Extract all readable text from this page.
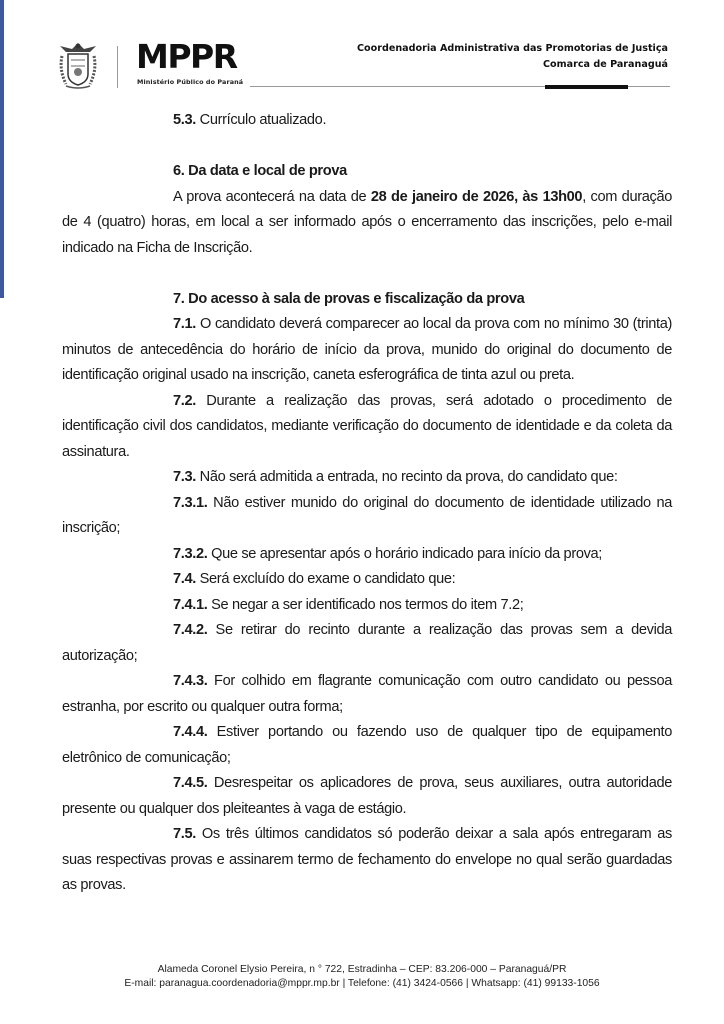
MPPR
Ministério Público do Paraná
Coordenadoria Administrativa das Promotorias de Justiça
Comarca de Paranaguá

5.3. Currículo atualizado.

6. Da data e local de prova

A prova acontecerá na data de 28 de janeiro de 2026, às 13h00, com duração de 4 (quatro) horas, em local a ser informado após o encerramento das inscrições, pelo e-mail indicado na Ficha de Inscrição.

7. Do acesso à sala de provas e fiscalização da prova

7.1. O candidato deverá comparecer ao local da prova com no mínimo 30 (trinta) minutos de antecedência do horário de início da prova, munido do original do documento de identificação original usado na inscrição, caneta esferográfica de tinta azul ou preta.

7.2. Durante a realização das provas, será adotado o procedimento de identificação civil dos candidatos, mediante verificação do documento de identidade e da coleta da assinatura.

7.3. Não será admitida a entrada, no recinto da prova, do candidato que:

7.3.1. Não estiver munido do original do documento de identidade utilizado na inscrição;

7.3.2. Que se apresentar após o horário indicado para início da prova;

7.4. Será excluído do exame o candidato que:

7.4.1. Se negar a ser identificado nos termos do item 7.2;

7.4.2. Se retirar do recinto durante a realização das provas sem a devida autorização;

7.4.3. For colhido em flagrante comunicação com outro candidato ou pessoa estranha, por escrito ou qualquer outra forma;

7.4.4. Estiver portando ou fazendo uso de qualquer tipo de equipamento eletrônico de comunicação;

7.4.5. Desrespeitar os aplicadores de prova, seus auxiliares, outra autoridade presente ou qualquer dos pleiteantes à vaga de estágio.

7.5. Os três últimos candidatos só poderão deixar a sala após entregaram as suas respectivas provas e assinarem termo de fechamento do envelope no qual serão guardadas as provas.

Alameda Coronel Elysio Pereira, n ° 722, Estradinha – CEP: 83.206-000 – Paranaguá/PR
E-mail: paranagua.coordenadoria@mppr.mp.br | Telefone: (41) 3424-0566 | Whatsapp: (41) 99133-1056
